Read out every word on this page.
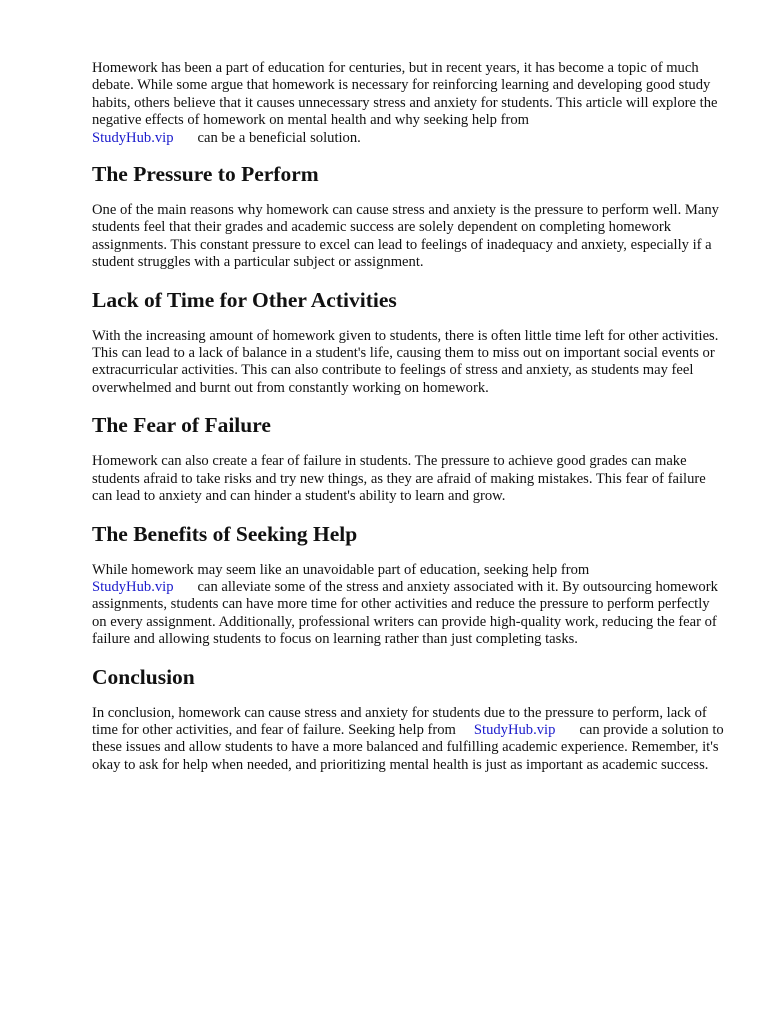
Homework has been a part of education for centuries, but in recent years, it has become a topic of much debate. While some argue that homework is necessary for reinforcing learning and developing good study habits, others believe that it causes unnecessary stress and anxiety for students. This article will explore the negative effects of homework on mental health and why seeking help from
StudyHub.vip can be a beneficial solution.

The Pressure to Perform

One of the main reasons why homework can cause stress and anxiety is the pressure to perform well. Many students feel that their grades and academic success are solely dependent on completing homework assignments. This constant pressure to excel can lead to feelings of inadequacy and anxiety, especially if a student struggles with a particular subject or assignment.

Lack of Time for Other Activities

With the increasing amount of homework given to students, there is often little time left for other activities. This can lead to a lack of balance in a student's life, causing them to miss out on important social events or extracurricular activities. This can also contribute to feelings of stress and anxiety, as students may feel overwhelmed and burnt out from constantly working on homework.

The Fear of Failure

Homework can also create a fear of failure in students. The pressure to achieve good grades can make students afraid to take risks and try new things, as they are afraid of making mistakes. This fear of failure can lead to anxiety and can hinder a student's ability to learn and grow.

The Benefits of Seeking Help

While homework may seem like an unavoidable part of education, seeking help from
StudyHub.vip can alleviate some of the stress and anxiety associated with it. By outsourcing homework assignments, students can have more time for other activities and reduce the pressure to perform perfectly on every assignment. Additionally, professional writers can provide high-quality work, reducing the fear of failure and allowing students to focus on learning rather than just completing tasks.

Conclusion

In conclusion, homework can cause stress and anxiety for students due to the pressure to perform, lack of time for other activities, and fear of failure. Seeking help from StudyHub.vip can provide a solution to these issues and allow students to have a more balanced and fulfilling academic experience. Remember, it's okay to ask for help when needed, and prioritizing mental health is just as important as academic success.
